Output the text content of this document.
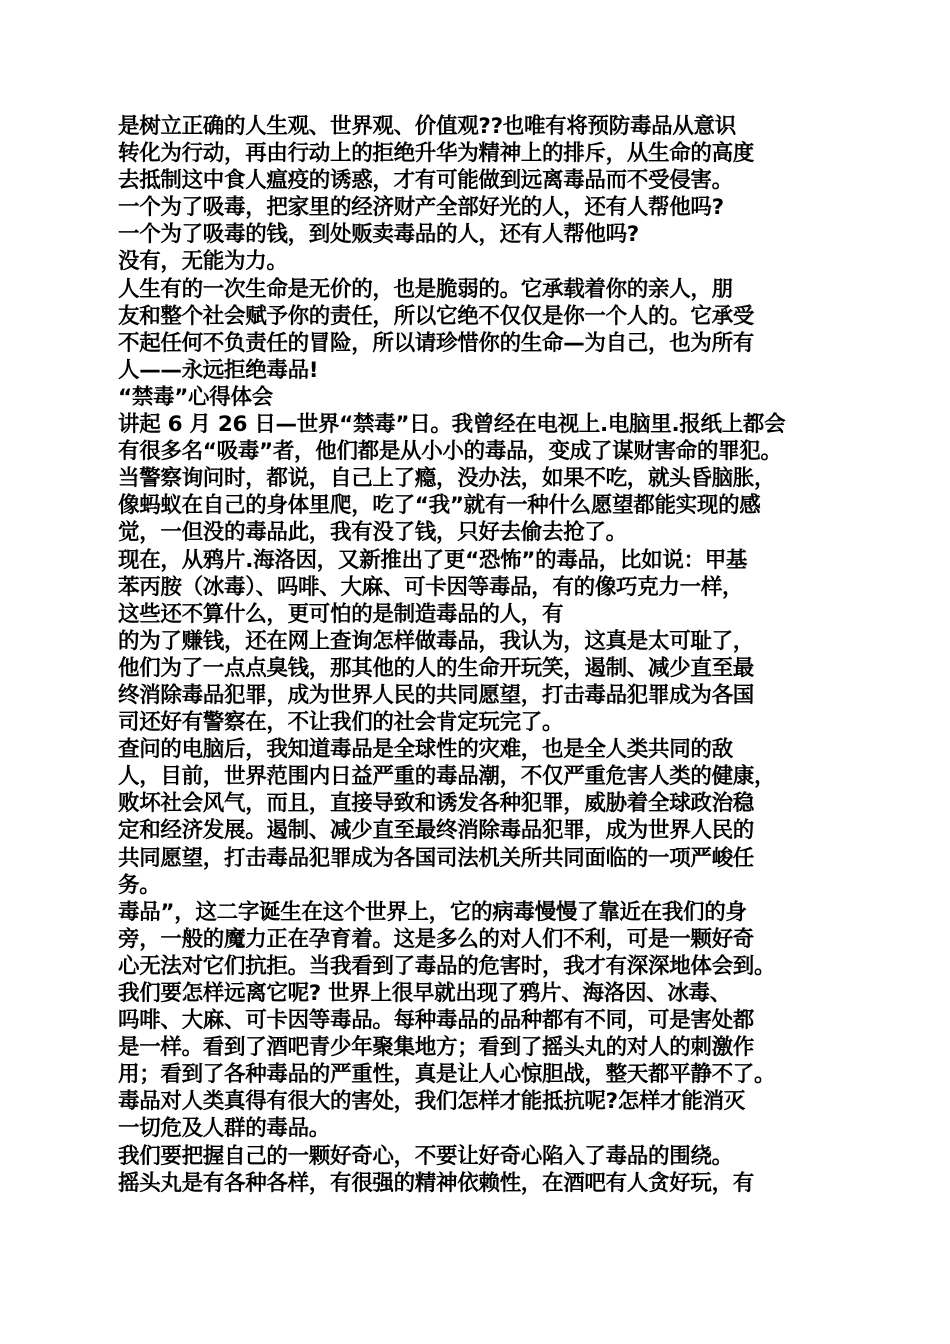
是树立正确的人生观、世界观、价值观??也唯有将预防毒品从意识
转化为行动，再由行动上的拒绝升华为精神上的排斥，从生命的高度
去抵制这中食人瘟疫的诱惑，才有可能做到远离毒品而不受侵害。
一个为了吸毒，把家里的经济财产全部好光的人，还有人帮他吗?
一个为了吸毒的钱，到处贩卖毒品的人，还有人帮他吗?
没有，无能为力。
人生有的一次生命是无价的，也是脆弱的。它承载着你的亲人，朋
友和整个社会赋予你的责任，所以它绝不仅仅是你一个人的。它承受
不起任何不负责任的冒险，所以请珍惜你的生命—为自己，也为所有
人——永远拒绝毒品!
“禁毒”心得体会
讲起 6 月 26 日—世界“禁毒”日。我曾经在电视上.电脑里.报纸上都会
有很多名“吸毒”者，他们都是从小小的毒品，变成了谋财害命的罪犯。
当警察询问时，都说，自己上了瘾，没办法，如果不吃，就头昏脑胀，
像蚂蚁在自己的身体里爬，吃了“我”就有一种什么愿望都能实现的感
觉，一但没的毒品此，我有没了钱，只好去偷去抢了。
现在，从鸦片.海洛因，又新推出了更“恐怖”的毒品，比如说：甲基
苯丙胺（冰毒）、吗啡、大麻、可卡因等毒品，有的像巧克力一样，
这些还不算什么，更可怕的是制造毒品的人，有
的为了赚钱，还在网上查询怎样做毒品，我认为，这真是太可耻了，
他们为了一点点臭钱，那其他的人的生命开玩笑，遏制、减少直至最
终消除毒品犯罪，成为世界人民的共同愿望，打击毒品犯罪成为各国
司还好有警察在，不让我们的社会肯定玩完了。
查问的电脑后，我知道毒品是全球性的灾难，也是全人类共同的敌
人，目前，世界范围内日益严重的毒品潮，不仅严重危害人类的健康，
败坏社会风气，而且，直接导致和诱发各种犯罪，威胁着全球政治稳
定和经济发展。遏制、减少直至最终消除毒品犯罪，成为世界人民的
共同愿望，打击毒品犯罪成为各国司法机关所共同面临的一项严峻任
务。
毒品”，这二字诞生在这个世界上，它的病毒慢慢了靠近在我们的身
旁，一般的魔力正在孕育着。这是多么的对人们不利，可是一颗好奇
心无法对它们抗拒。当我看到了毒品的危害时，我才有深深地体会到。
我们要怎样远离它呢? 世界上很早就出现了鸦片、海洛因、冰毒、
吗啡、大麻、可卡因等毒品。每种毒品的品种都有不同，可是害处都
是一样。看到了酒吧青少年聚集地方；看到了摇头丸的对人的刺激作
用；看到了各种毒品的严重性，真是让人心惊胆战，整天都平静不了。
毒品对人类真得有很大的害处，我们怎样才能抵抗呢?怎样才能消灭
一切危及人群的毒品。
我们要把握自己的一颗好奇心，不要让好奇心陷入了毒品的围绕。
摇头丸是有各种各样，有很强的精神依赖性，在酒吧有人贪好玩，有
